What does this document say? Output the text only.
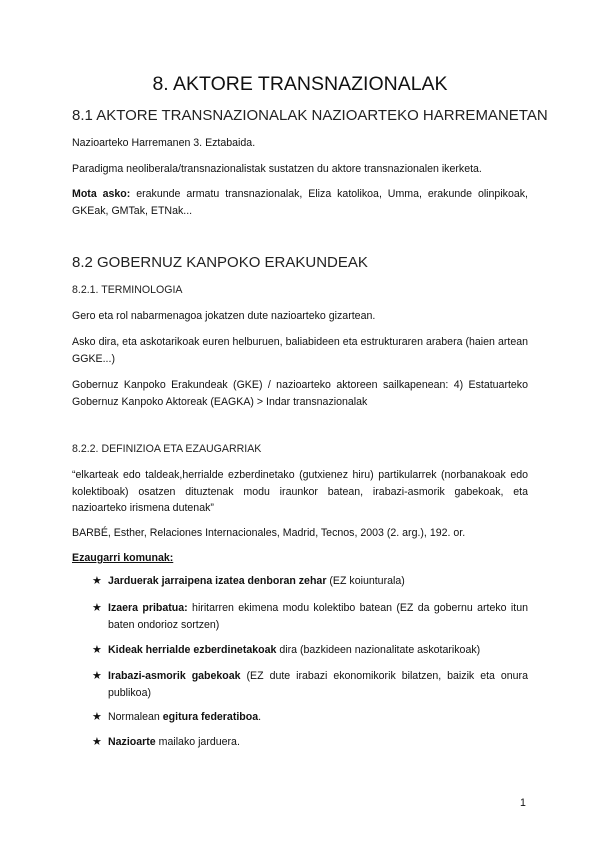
8. AKTORE TRANSNAZIONALAK
8.1 AKTORE TRANSNAZIONALAK NAZIOARTEKO HARREMANETAN

Nazioarteko Harremanen 3. Eztabaida.

Paradigma neoliberala/transnazionalistak sustatzen du aktore transnazionalen ikerketa.

Mota asko: erakunde armatu transnazionalak, Eliza katolikoa, Umma, erakunde olinpikoak, GKEak, GMTak, ETNak...

8.2 GOBERNUZ KANPOKO ERAKUNDEAK
8.2.1. TERMINOLOGIA

Gero eta rol nabarmenagoa jokatzen dute nazioarteko gizartean.

Asko dira, eta askotarikoak euren helburuen, baliabideen eta estrukturaren arabera (haien artean GGKE...)

Gobernuz Kanpoko Erakundeak (GKE) / nazioarteko aktoreen sailkapenean: 4) Estatuarteko Gobernuz Kanpoko Aktoreak (EAGKA) > Indar transnazionalak

8.2.2. DEFINIZIOA ETA EZAUGARRIAK

“elkarteak edo taldeak,herrialde ezberdinetako (gutxienez hiru) partikularrek (norbanakoak edo kolektiboak) osatzen dituztenak modu iraunkor batean, irabazi-asmorik gabekoak, eta nazioarteko irismena dutenak”

BARBÉ, Esther, Relaciones Internacionales, Madrid, Tecnos, 2003 (2. arg.), 192. or.

Ezaugarri komunak:

★ Jarduerak jarraipena izatea denboran zehar (EZ koiunturala)
★ Izaera pribatua: hiritarren ekimena modu kolektibo batean (EZ da gobernu arteko itun baten ondorioz sortzen)
★ Kideak herrialde ezberdinetakoak dira (bazkideen nazionalitate askotarikoak)
★ Irabazi-asmorik gabekoak (EZ dute irabazi ekonomikorik bilatzen, baizik eta onura publikoa)
★ Normalean egitura federatiboa.
★ Nazioarte mailako jarduera.
1
